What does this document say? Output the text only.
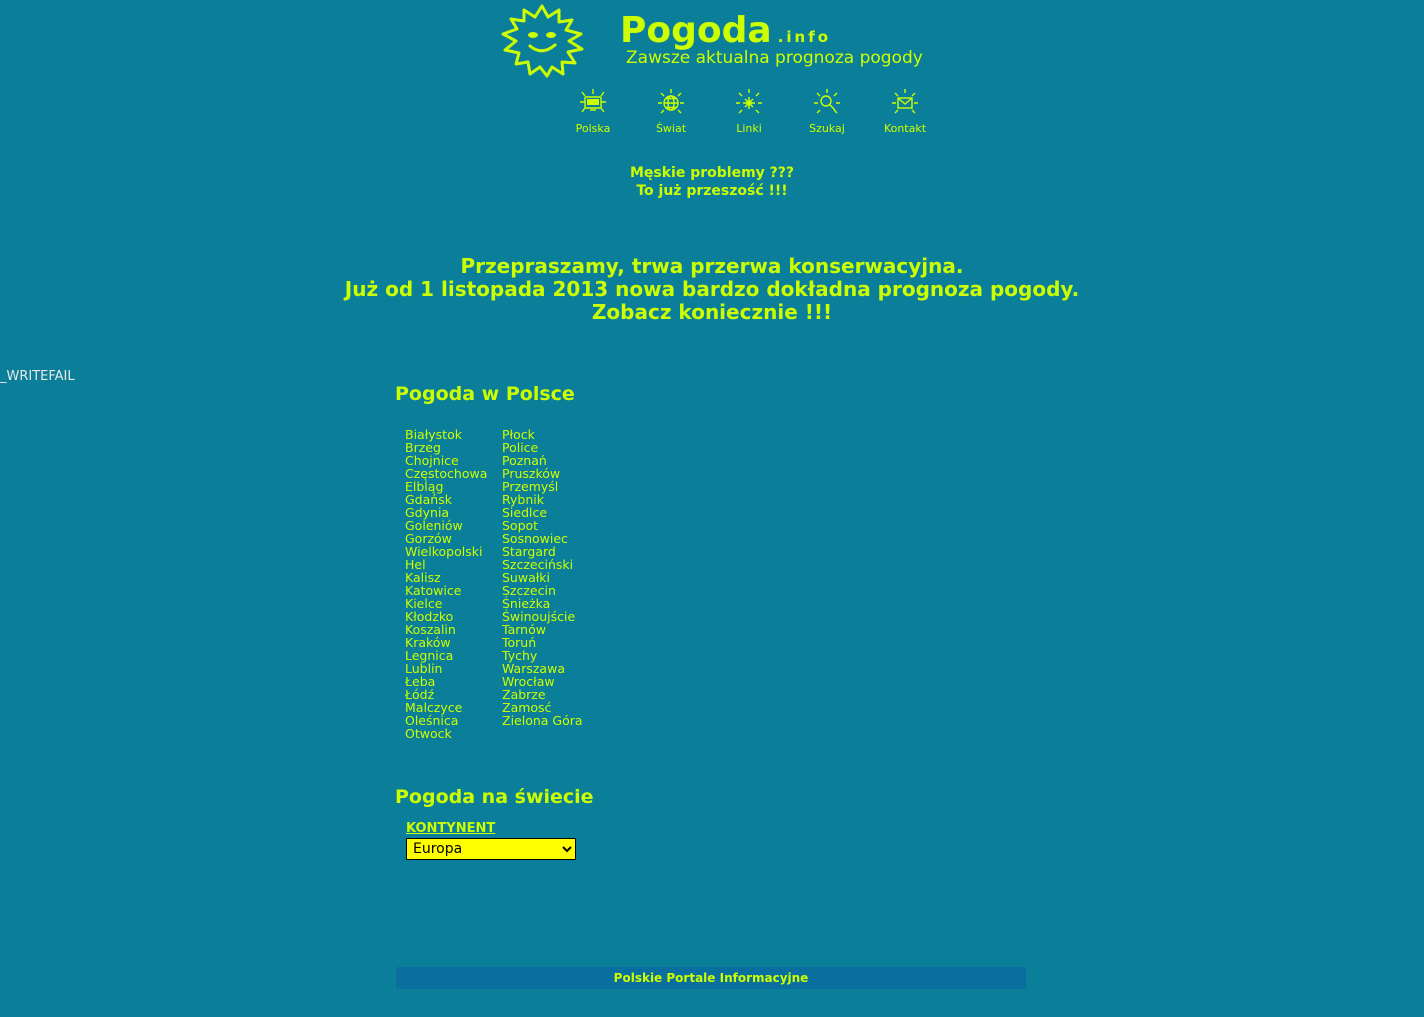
Pogoda .info
Zawsze aktualna prognoza pogody
Polska	Świat	Linki	Szukaj	Kontakt
Męskie problemy ???
To już przeszość !!!
Przepraszamy, trwa przerwa konserwacyjna.
Już od 1 listopada 2013 nowa bardzo dokładna prognoza pogody.
Zobacz koniecznie !!!
_WRITEFAIL
Pogoda w Polsce
Białystok
Brzeg
Chojnice
Częstochowa
Elbląg
Gdańsk
Gdynia
Goleniów
Gorzów
Wielkopolski
Hel
Kalisz
Katowice
Kielce
Kłodzko
Koszalin
Kraków
Legnica
Lublin
Łeba
Łódź
Malczyce
Oleśnica
Otwock
Płock
Police
Poznań
Pruszków
Przemyśl
Rybnik
Siedlce
Sopot
Sosnowiec
Stargard
Szczeciński
Suwałki
Szczecin
Śnieżka
Świnoujście
Tarnów
Toruń
Tychy
Warszawa
Wrocław
Zabrze
Zamosć
Zielona Góra
Pogoda na świecie
KONTYNENT
Europa
Polskie Portale Informacyjne
